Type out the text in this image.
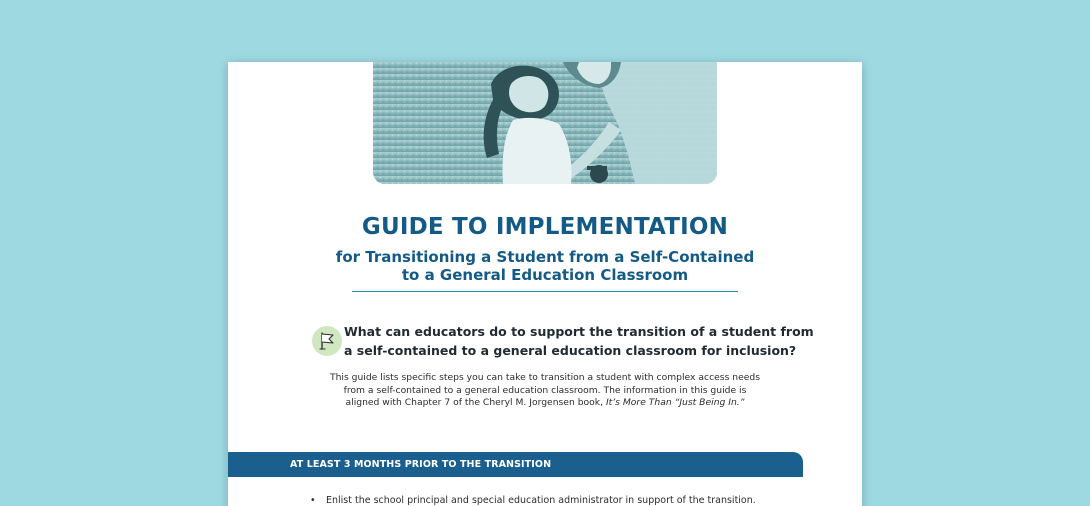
GUIDE TO IMPLEMENTATION
for Transitioning a Student from a Self-Contained
to a General Education Classroom
What can educators do to support the transition of a student from
a self-contained to a general education classroom for inclusion?
This guide lists specific steps you can take to transition a student with complex access needs
from a self-contained to a general education classroom. The information in this guide is
aligned with Chapter 7 of the Cheryl M. Jorgensen book, It’s More Than “Just Being In.”
AT LEAST 3 MONTHS PRIOR TO THE TRANSITION
• Enlist the school principal and special education administrator in support of the transition.
